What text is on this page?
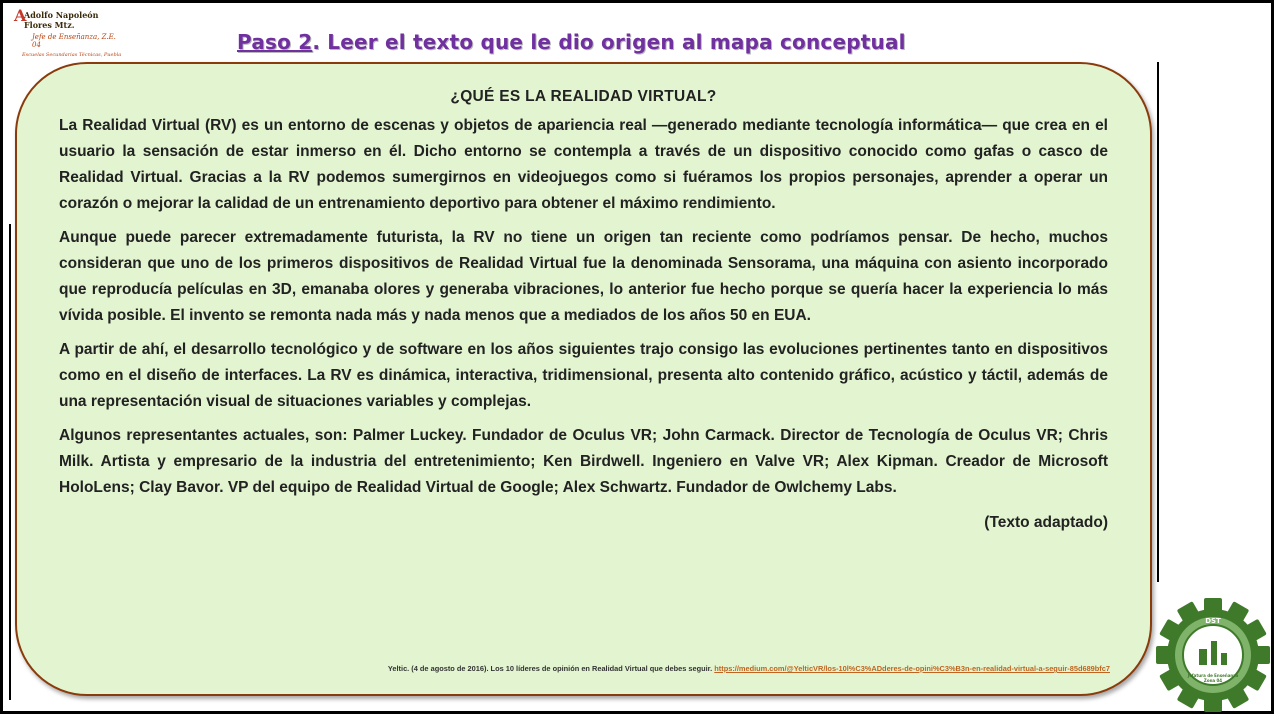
A
Adolfo Napoleón Flores Mtz.
Jefe de Enseñanza, Z.E. 04
Escuelas Secundarias Técnicas, Puebla
Paso 2. Leer el texto que le dio origen al mapa conceptual

¿QUÉ ES LA REALIDAD VIRTUAL?

La Realidad Virtual (RV) es un entorno de escenas y objetos de apariencia real —generado mediante tecnología informática— que crea en el usuario la sensación de estar inmerso en él. Dicho entorno se contempla a través de un dispositivo conocido como gafas o casco de Realidad Virtual. Gracias a la RV podemos sumergirnos en videojuegos como si fuéramos los propios personajes, aprender a operar un corazón o mejorar la calidad de un entrenamiento deportivo para obtener el máximo rendimiento.

Aunque puede parecer extremadamente futurista, la RV no tiene un origen tan reciente como podríamos pensar. De hecho, muchos consideran que uno de los primeros dispositivos de Realidad Virtual fue la denominada Sensorama, una máquina con asiento incorporado que reproducía películas en 3D, emanaba olores y generaba vibraciones, lo anterior fue hecho porque se quería hacer la experiencia lo más vívida posible. El invento se remonta nada más y nada menos que a mediados de los años 50 en EUA.

A partir de ahí, el desarrollo tecnológico y de software en los años siguientes trajo consigo las evoluciones pertinentes tanto en dispositivos como en el diseño de interfaces. La RV es dinámica, interactiva, tridimensional, presenta alto contenido gráfico, acústico y táctil, además de una representación visual de situaciones variables y complejas.

Algunos representantes actuales, son: Palmer Luckey. Fundador de Oculus VR; John Carmack. Director de Tecnología de Oculus VR; Chris Milk. Artista y empresario de la industria del entretenimiento; Ken Birdwell. Ingeniero en Valve VR; Alex Kipman. Creador de Microsoft HoloLens; Clay Bavor. VP del equipo de Realidad Virtual de Google; Alex Schwartz. Fundador de Owlchemy Labs.

(Texto adaptado)
Yeltic. (4 de agosto de 2016). Los 10 líderes de opinión en Realidad Virtual que debes seguir. https://medium.com/@YelticVR/los-10l%C3%ADderes-de-opini%C3%B3n-en-realidad-virtual-a-seguir-85d689bfc7
DST
Jefatura de Enseñanza
Zona 04
